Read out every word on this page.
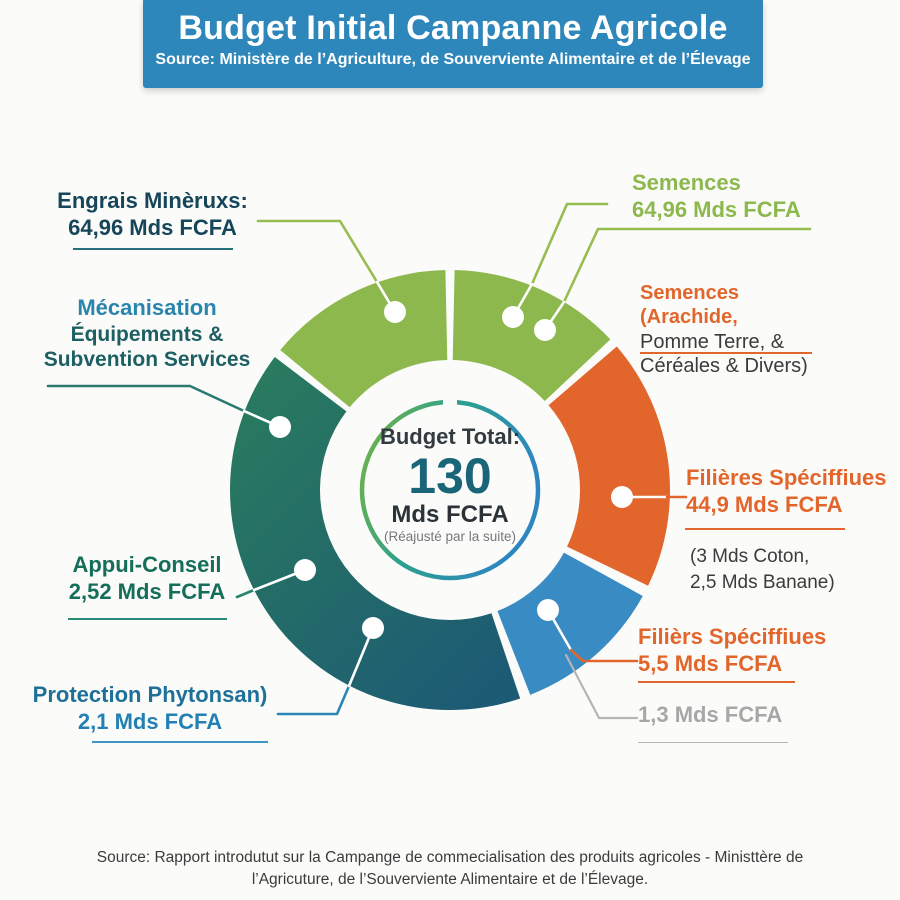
Budget Initial Campanne Agricole
Source: Ministère de l’Agriculture, de Souverviente Alimentaire et de l’Élevage
Engrais Minèruxs:
64,96 Mds FCFA
Mécanisation
Équipements &
Subvention Services
Appui-Conseil
2,52 Mds FCFA
Protection Phytonsan)
2,1 Mds FCFA
Semences
64,96 Mds FCFA
Semences (Arachide,
Pomme Terre, &
Céréales & Divers)
Filières Spéciffiues
44,9 Mds FCFA
(3 Mds Coton,
2,5 Mds Banane)
Filièrs Spéciffiues
5,5 Mds FCFA
1,3 Mds FCFA
Budget Total:
130
Mds FCFA
(Réajusté par la suite)
Source: Rapport introdutut sur la Campange de commecialisation des produits agricoles - Ministtère de
l’Agricuture, de l’Souverviente Alimentaire et de l’Élevage.
